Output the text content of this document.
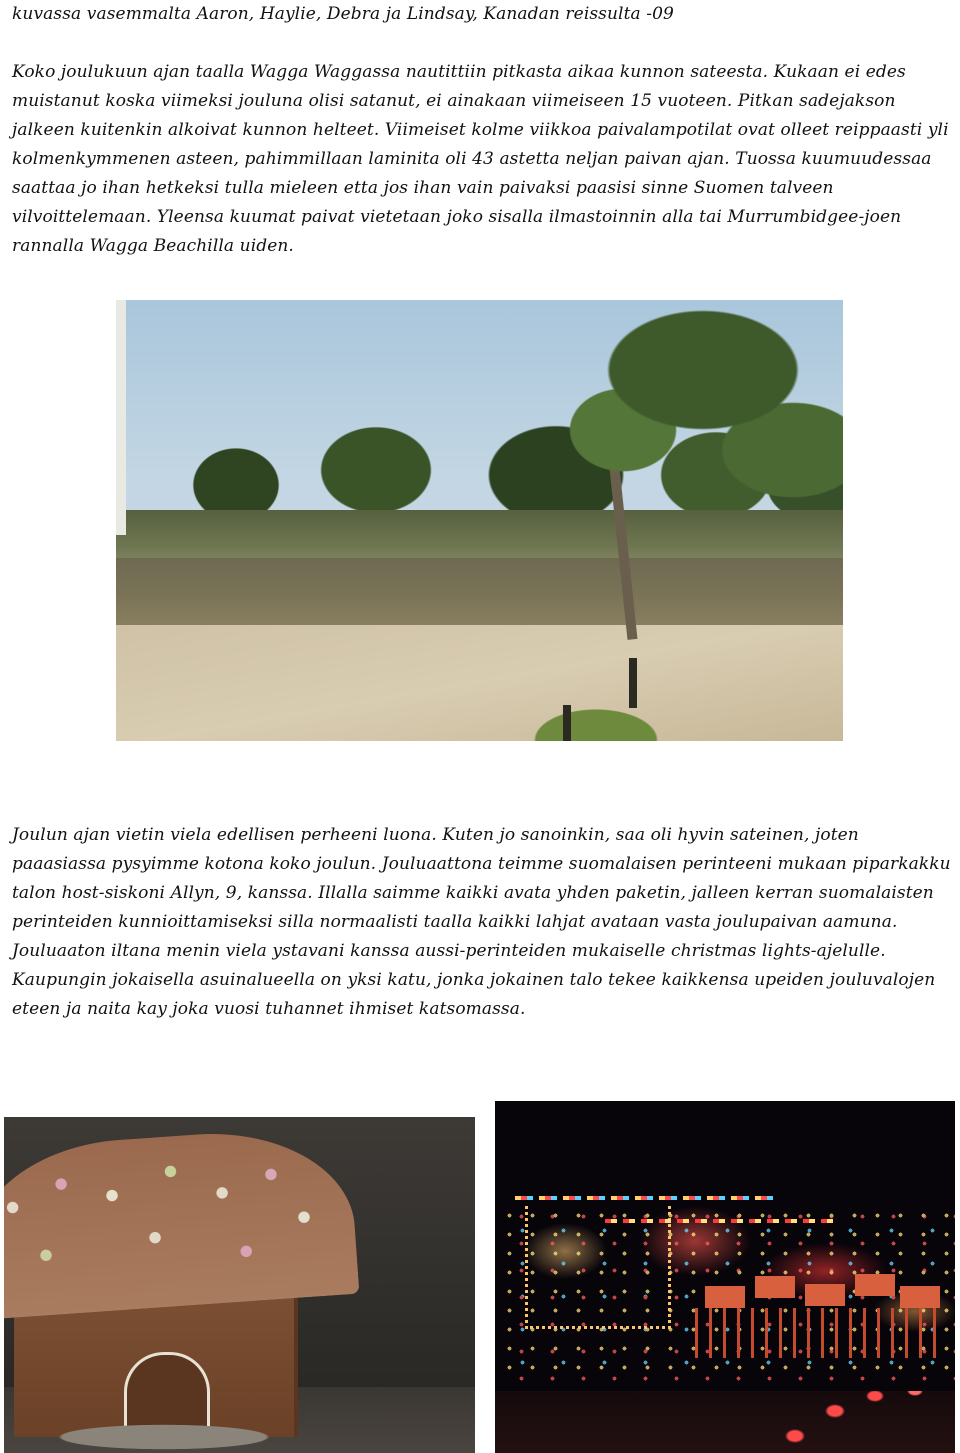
kuvassa vasemmalta Aaron, Haylie, Debra ja Lindsay, Kanadan reissulta -09

Koko joulukuun ajan taalla Wagga Waggassa nautittiin pitkasta aikaa kunnon sateesta. Kukaan ei edes muistanut koska viimeksi jouluna olisi satanut, ei ainakaan viimeiseen 15 vuoteen. Pitkan sadejakson jalkeen kuitenkin alkoivat kunnon helteet. Viimeiset kolme viikkoa paivalampotilat ovat olleet reippaasti yli kolmenkymmenen asteen, pahimmillaan laminita oli 43 astetta neljan paivan ajan. Tuossa kuumuudessaa saattaa jo ihan hetkeksi tulla mieleen etta jos ihan vain paivaksi paasisi sinne Suomen talveen vilvoittelemaan. Yleensa kuumat paivat vietetaan joko sisalla ilmastoinnin alla tai Murrumbidgee-joen rannalla Wagga Beachilla uiden.

Joulun ajan vietin viela edellisen perheeni luona. Kuten jo sanoinkin, saa oli hyvin sateinen, joten paaasiassa pysyimme kotona koko joulun. Jouluaattona teimme suomalaisen perinteeni mukaan piparkakku talon host-siskoni Allyn, 9, kanssa. Illalla saimme kaikki avata yhden paketin, jalleen kerran suomalaisten perinteiden kunnioittamiseksi silla normaalisti taalla kaikki lahjat avataan vasta joulupaivan aamuna. Jouluaaton iltana menin viela ystavani kanssa aussi-perinteiden mukaiselle christmas lights-ajelulle. Kaupungin jokaisella asuinalueella on yksi katu, jonka jokainen talo tekee kaikkensa upeiden jouluvalojen eteen ja naita kay joka vuosi tuhannet ihmiset katsomassa.
